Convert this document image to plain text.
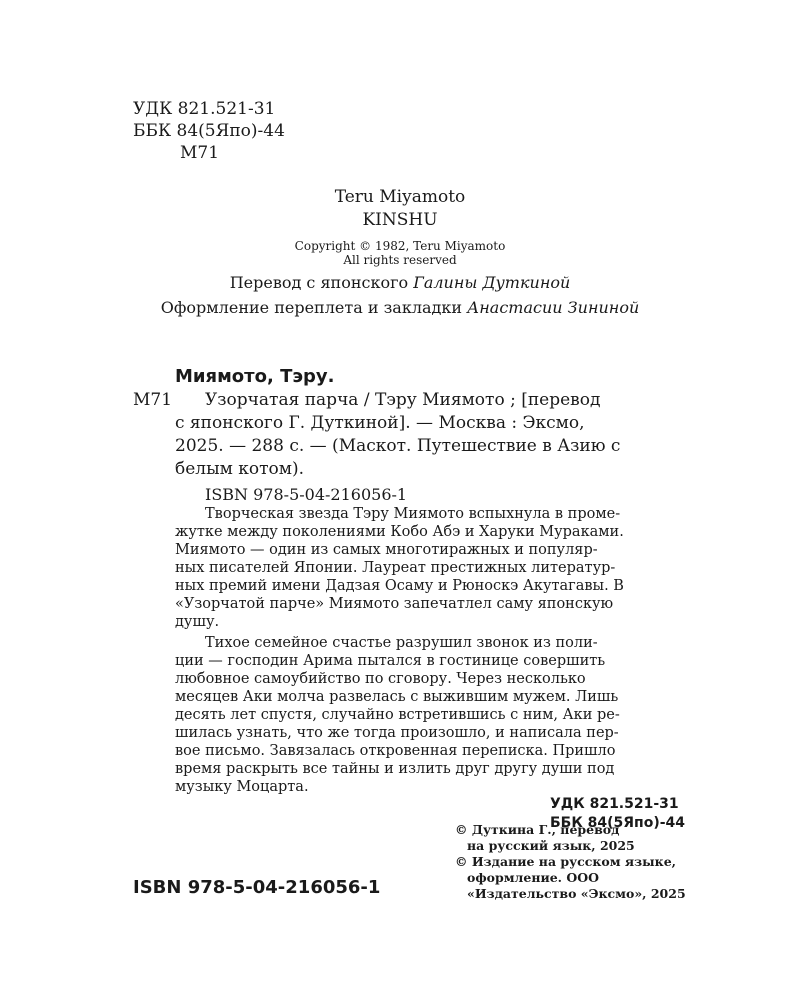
УДК 821.521-31
ББК 84(5Япо)-44
М71
Teru Miyamoto
KINSHU
Copyright © 1982, Teru Miyamoto
All rights reserved
Перевод с японского Галины Дуткиной
Оформление переплета и закладки Анастасии Зининой
Миямото, Тэру.
М71 Узорчатая парча / Тэру Миямото ; [перевод
с японского Г. Дуткиной]. — Москва : Эксмо,
2025. — 288 с. — (Маскот. Путешествие в Азию с
белым котом).
ISBN 978-5-04-216056-1
Творческая звезда Тэру Миямото вспыхнула в проме-
жутке между поколениями Кобо Абэ и Харуки Мураками.
Миямото — один из самых многотиражных и популяр-
ных писателей Японии. Лауреат престижных литератур-
ных премий имени Дадзая Осаму и Рюноскэ Акутагавы. В
«Узорчатой парче» Миямото запечатлел саму японскую
душу.
Тихое семейное счастье разрушил звонок из поли-
ции — господин Арима пытался в гостинице совершить
любовное самоубийство по сговору. Через несколько
месяцев Аки молча развелась с выжившим мужем. Лишь
десять лет спустя, случайно встретившись с ним, Аки ре-
шилась узнать, что же тогда произошло, и написала пер-
вое письмо. Завязалась откровенная переписка. Пришло
время раскрыть все тайны и излить друг другу души под
музыку Моцарта.
УДК 821.521-31
ББК 84(5Япо)-44
ISBN 978-5-04-216056-1
© Дуткина Г., перевод
на русский язык, 2025
© Издание на русском языке,
оформление. ООО
«Издательство «Эксмо», 2025
